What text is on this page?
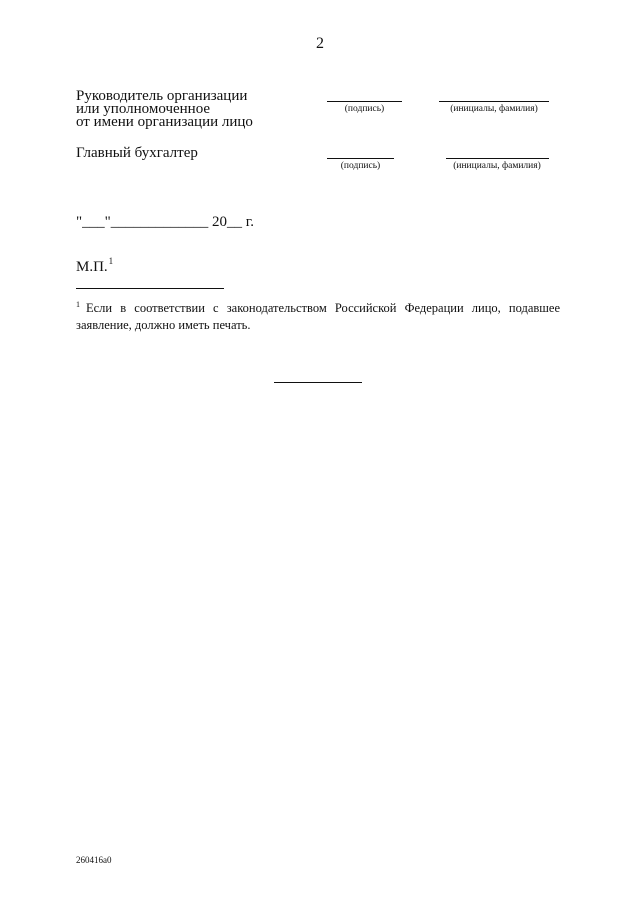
2
Руководитель организации
или уполномоченное
от имени организации лицо
(подпись)	(инициалы, фамилия)
Главный бухгалтер
(подпись)	(инициалы, фамилия)
"___"_____________ 20__ г.
М.П.$^1$
$^1$ Если в соответствии с законодательством Российской Федерации лицо, подавшее заявление, должно иметь печать.
260416a0
